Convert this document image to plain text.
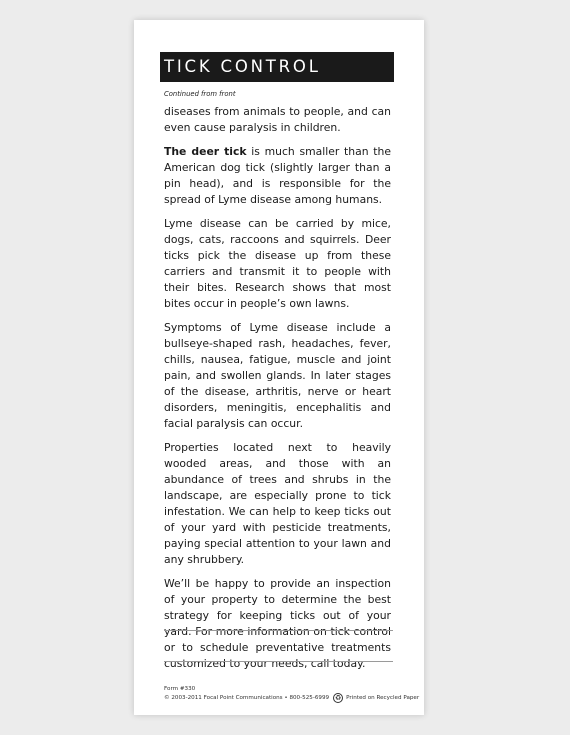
TICK CONTROL
Continued from front

diseases from animals to people, and can even cause paralysis in children.

The deer tick is much smaller than the American dog tick (slightly larger than a pin head), and is responsible for the spread of Lyme disease among humans.

Lyme disease can be carried by mice, dogs, cats, raccoons and squirrels. Deer ticks pick the disease up from these carriers and transmit it to people with their bites. Research shows that most bites occur in people’s own lawns.

Symptoms of Lyme disease include a bullseye-shaped rash, headaches, fever, chills, nausea, fatigue, muscle and joint pain, and swollen glands. In later stages of the disease, arthritis, nerve or heart disorders, meningitis, encephalitis and facial paralysis can occur.

Properties located next to heavily wooded areas, and those with an abundance of trees and shrubs in the landscape, are especially prone to tick infestation. We can help to keep ticks out of your yard with pesticide treatments, paying special attention to your lawn and any shrubbery.

We’ll be happy to provide an inspection of your property to determine the best strategy for keeping ticks out of your yard. For more information on tick control or to schedule preventative treatments customized to your needs, call today.

Form #330
© 2003-2011 Focal Point Communications • 800-525-6999 ♻ Printed on Recycled Paper
